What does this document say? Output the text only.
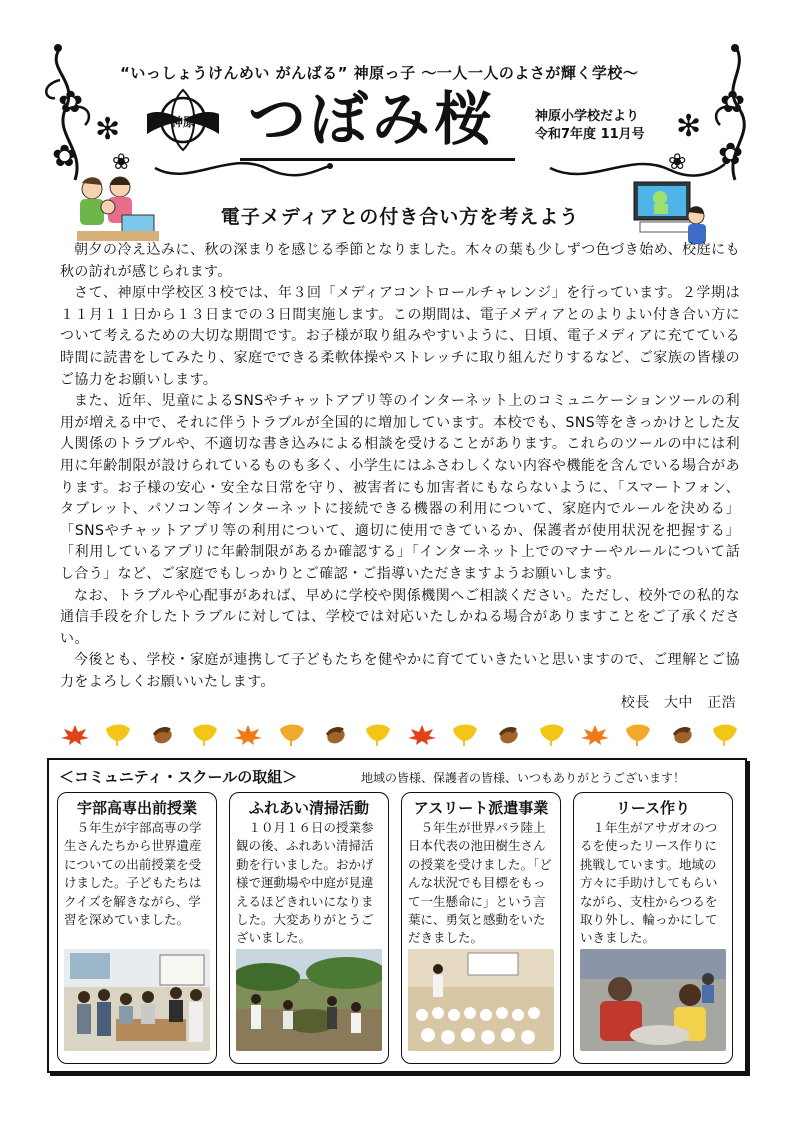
✿
✻
✿ ❀
✿
✻
✿
❀
“いっしょうけんめい がんばる” 神原っ子 ～一人一人のよさが輝く学校～
神原 つぼみ桜	神原小学校だより
令和7年度 11月号
電子メディアとの付き合い方を考えよう

朝夕の冷え込みに、秋の深まりを感じる季節となりました。木々の葉も少しずつ色づき始め、校庭にも秋の訪れが感じられます。

さて、神原中学校区３校では、年３回「メディアコントロールチャレンジ」を行っています。２学期は１１月１１日から１３日までの３日間実施します。この期間は、電子メディアとのよりよい付き合い方について考えるための大切な期間です。お子様が取り組みやすいように、日頃、電子メディアに充てている時間に読書をしてみたり、家庭でできる柔軟体操やストレッチに取り組んだりするなど、ご家族の皆様のご協力をお願いします。

また、近年、児童によるSNSやチャットアプリ等のインターネット上のコミュニケーションツールの利用が増える中で、それに伴うトラブルが全国的に増加しています。本校でも、SNS等をきっかけとした友人関係のトラブルや、不適切な書き込みによる相談を受けることがあります。これらのツールの中には利用に年齢制限が設けられているものも多く、小学生にはふさわしくない内容や機能を含んでいる場合があります。お子様の安心・安全な日常を守り、被害者にも加害者にもならないように、「スマートフォン、タブレット、パソコン等インターネットに接続できる機器の利用について、家庭内でルールを決める」「SNSやチャットアプリ等の利用について、適切に使用できているか、保護者が使用状況を把握する」「利用しているアプリに年齢制限があるか確認する」「インターネット上でのマナーやルールについて話し合う」など、ご家庭でもしっかりとご確認・ご指導いただきますようお願いします。

なお、トラブルや心配事があれば、早めに学校や関係機関へご相談ください。ただし、校外での私的な通信手段を介したトラブルに対しては、学校では対応いたしかねる場合がありますことをご了承ください。

今後とも、学校・家庭が連携して子どもたちを健やかに育てていきたいと思いますので、ご理解とご協力をよろしくお願いいたします。

校長　大中　正浩
＜コミュニティ・スクールの取組＞	地域の皆様、保護者の皆様、いつもありがとうございます！
宇部高専出前授業
５年生が宇部高専の学生さんたちから世界遺産についての出前授業を受けました。子どもたちはクイズを解きながら、学習を深めていました。
ふれあい清掃活動
１０月１６日の授業参観の後、ふれあい清掃活動を行いました。おかげ様で運動場や中庭が見違えるほどきれいになりました。大変ありがとうございました。
アスリート派遣事業
５年生が世界パラ陸上日本代表の池田樹生さんの授業を受けました。「どんな状況でも目標をもって一生懸命に」という言葉に、勇気と感動をいただきました。
リース作り
１年生がアサガオのつるを使ったリース作りに挑戦しています。地域の方々に手助けしてもらいながら、支柱からつるを取り外し、輪っかにしていきました。
